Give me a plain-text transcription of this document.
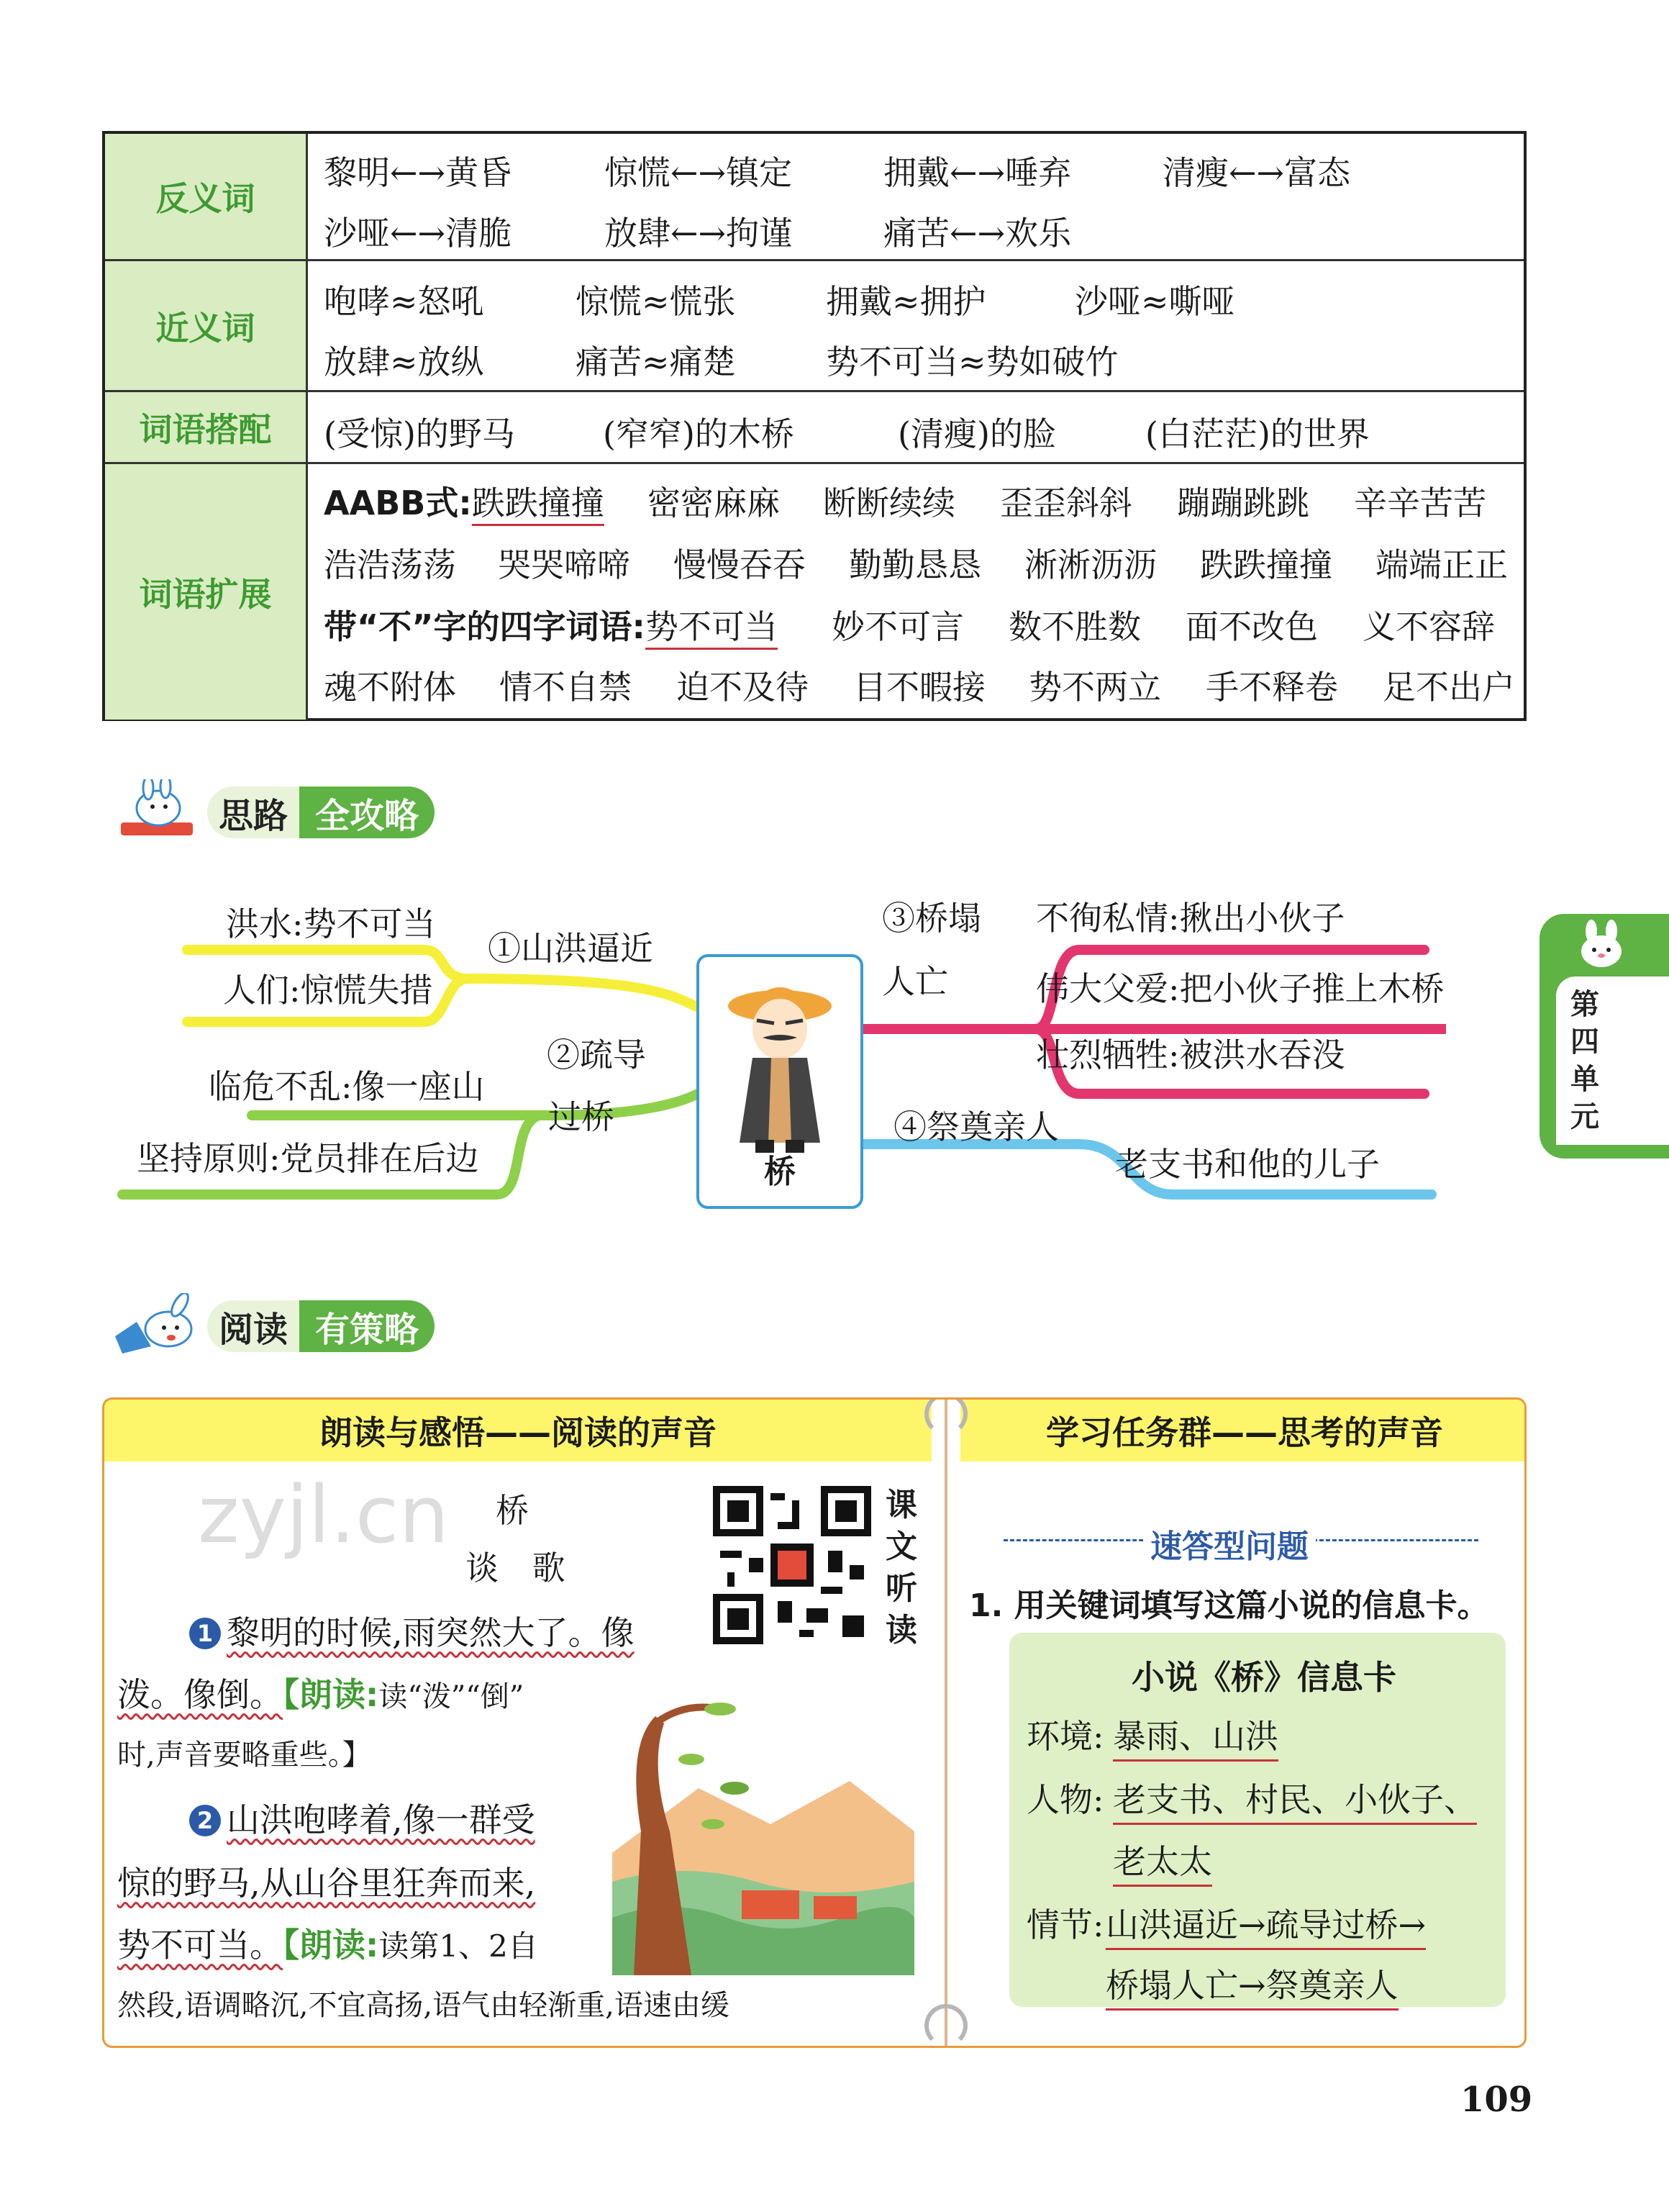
反义词
黎明←→黄昏	惊慌←→镇定	拥戴←→唾弃	清瘦←→富态
沙哑←→清脆	放肆←→拘谨	痛苦←→欢乐
近义词
咆哮≈怒吼	惊慌≈慌张	拥戴≈拥护	沙哑≈嘶哑
放肆≈放纵	痛苦≈痛楚	势不可当≈势如破竹
词语搭配	(受惊)的野马	(窄窄)的木桥	(清瘦)的脸	(白茫茫)的世界
词语扩展
AABB式:跌跌撞撞 密密麻麻 断断续续 歪歪斜斜 蹦蹦跳跳 辛辛苦苦
浩浩荡荡 哭哭啼啼 慢慢吞吞 勤勤恳恳 淅淅沥沥 跌跌撞撞 端端正正
带“不”字的四字词语:势不可当 妙不可言 数不胜数 面不改色 义不容辞
魂不附体 情不自禁 迫不及待 目不暇接 势不两立 手不释卷 足不出户
思路 全攻略
洪水:势不可当
人们:惊慌失措
①山洪逼近
临危不乱:像一座山
坚持原则:党员排在后边
②疏导
过桥
③桥塌
人亡
不徇私情:揪出小伙子
伟大父爱:把小伙子推上木桥
壮烈牺牲:被洪水吞没
④祭奠亲人
老支书和他的儿子
桥
第
四
单
元
阅读 有策略
朗读与感悟——阅读的声音	学习任务群——思考的声音
zyjl.cn 桥
谈 歌
课
文
听
读
1 黎明的时候,雨突然大了。像
泼。像倒。【朗读:读“泼”“倒”
时,声音要略重些。】
2 山洪咆哮着,像一群受
惊的野马,从山谷里狂奔而来,
势不可当。【朗读:读第1、2自
然段,语调略沉,不宜高扬,语气由轻渐重,语速由缓
速答型问题
1. 用关键词填写这篇小说的信息卡。
小说《桥》信息卡
环境: 暴雨、山洪
人物: 老支书、村民、小伙子、
老太太
情节: 山洪逼近→疏导过桥→
桥塌人亡→祭奠亲人
109
